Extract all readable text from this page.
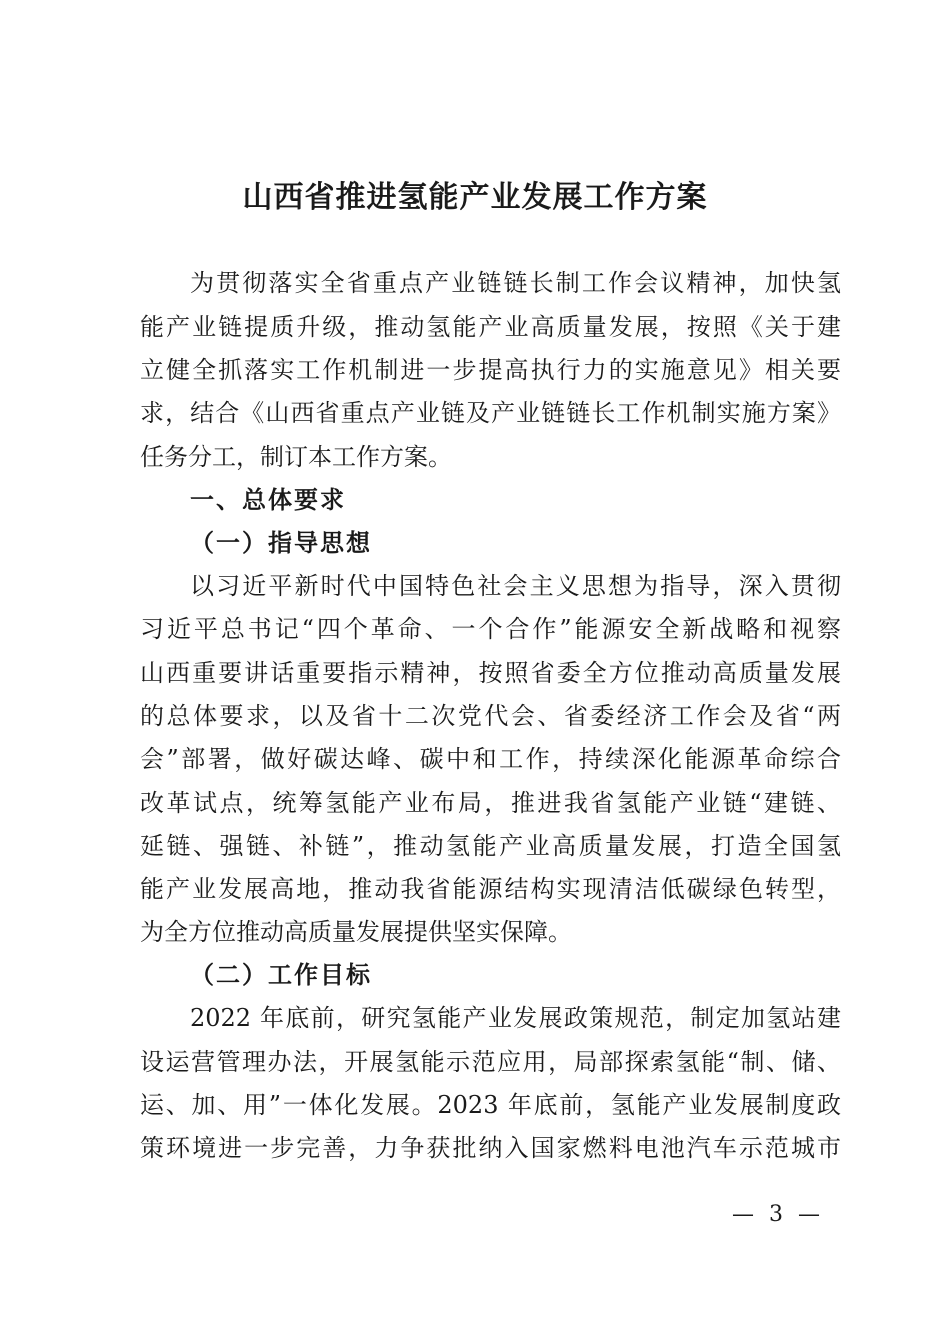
山西省推进氢能产业发展工作方案

为贯彻落实全省重点产业链链长制工作会议精神，加快氢

能产业链提质升级，推动氢能产业高质量发展，按照《关于建

立健全抓落实工作机制进一步提高执行力的实施意见》相关要

求，结合《山西省重点产业链及产业链链长工作机制实施方案》

任务分工，制订本工作方案。

一、总体要求
（一）指导思想

以习近平新时代中国特色社会主义思想为指导，深入贯彻

习近平总书记“四个革命、一个合作”能源安全新战略和视察

山西重要讲话重要指示精神，按照省委全方位推动高质量发展

的总体要求，以及省十二次党代会、省委经济工作会及省“两

会”部署，做好碳达峰、碳中和工作，持续深化能源革命综合

改革试点，统筹氢能产业布局，推进我省氢能产业链“建链、

延链、强链、补链”，推动氢能产业高质量发展，打造全国氢

能产业发展高地，推动我省能源结构实现清洁低碳绿色转型，

为全方位推动高质量发展提供坚实保障。

（二）工作目标

2022 年底前，研究氢能产业发展政策规范，制定加氢站建

设运营管理办法，开展氢能示范应用，局部探索氢能“制、储、

运、加、用”一体化发展。2023 年底前，氢能产业发展制度政

策环境进一步完善，力争获批纳入国家燃料电池汽车示范城市

— 3 —
